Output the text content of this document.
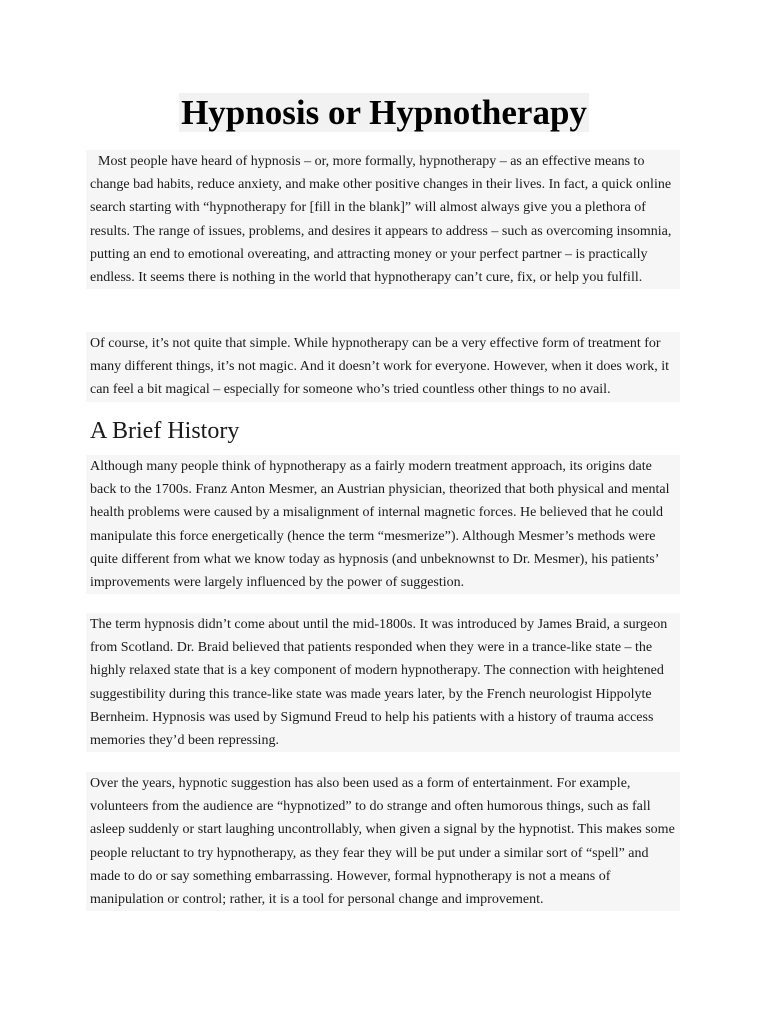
Hypnosis or Hypnotherapy

Most people have heard of hypnosis – or, more formally, hypnotherapy – as an effective means to change bad habits, reduce anxiety, and make other positive changes in their lives. In fact, a quick online search starting with “hypnotherapy for [fill in the blank]” will almost always give you a plethora of results. The range of issues, problems, and desires it appears to address – such as overcoming insomnia, putting an end to emotional overeating, and attracting money or your perfect partner – is practically endless. It seems there is nothing in the world that hypnotherapy can’t cure, fix, or help you fulfill.

Of course, it’s not quite that simple. While hypnotherapy can be a very effective form of treatment for many different things, it’s not magic. And it doesn’t work for everyone. However, when it does work, it can feel a bit magical – especially for someone who’s tried countless other things to no avail.

A Brief History

Although many people think of hypnotherapy as a fairly modern treatment approach, its origins date back to the 1700s. Franz Anton Mesmer, an Austrian physician, theorized that both physical and mental health problems were caused by a misalignment of internal magnetic forces. He believed that he could manipulate this force energetically (hence the term “mesmerize”). Although Mesmer’s methods were quite different from what we know today as hypnosis (and unbeknownst to Dr. Mesmer), his patients’ improvements were largely influenced by the power of suggestion.

The term hypnosis didn’t come about until the mid-1800s. It was introduced by James Braid, a surgeon from Scotland. Dr. Braid believed that patients responded when they were in a trance-like state – the highly relaxed state that is a key component of modern hypnotherapy. The connection with heightened suggestibility during this trance-like state was made years later, by the French neurologist Hippolyte Bernheim. Hypnosis was used by Sigmund Freud to help his patients with a history of trauma access memories they’d been repressing.

Over the years, hypnotic suggestion has also been used as a form of entertainment. For example, volunteers from the audience are “hypnotized” to do strange and often humorous things, such as fall asleep suddenly or start laughing uncontrollably, when given a signal by the hypnotist. This makes some people reluctant to try hypnotherapy, as they fear they will be put under a similar sort of “spell” and made to do or say something embarrassing. However, formal hypnotherapy is not a means of manipulation or control; rather, it is a tool for personal change and improvement.
